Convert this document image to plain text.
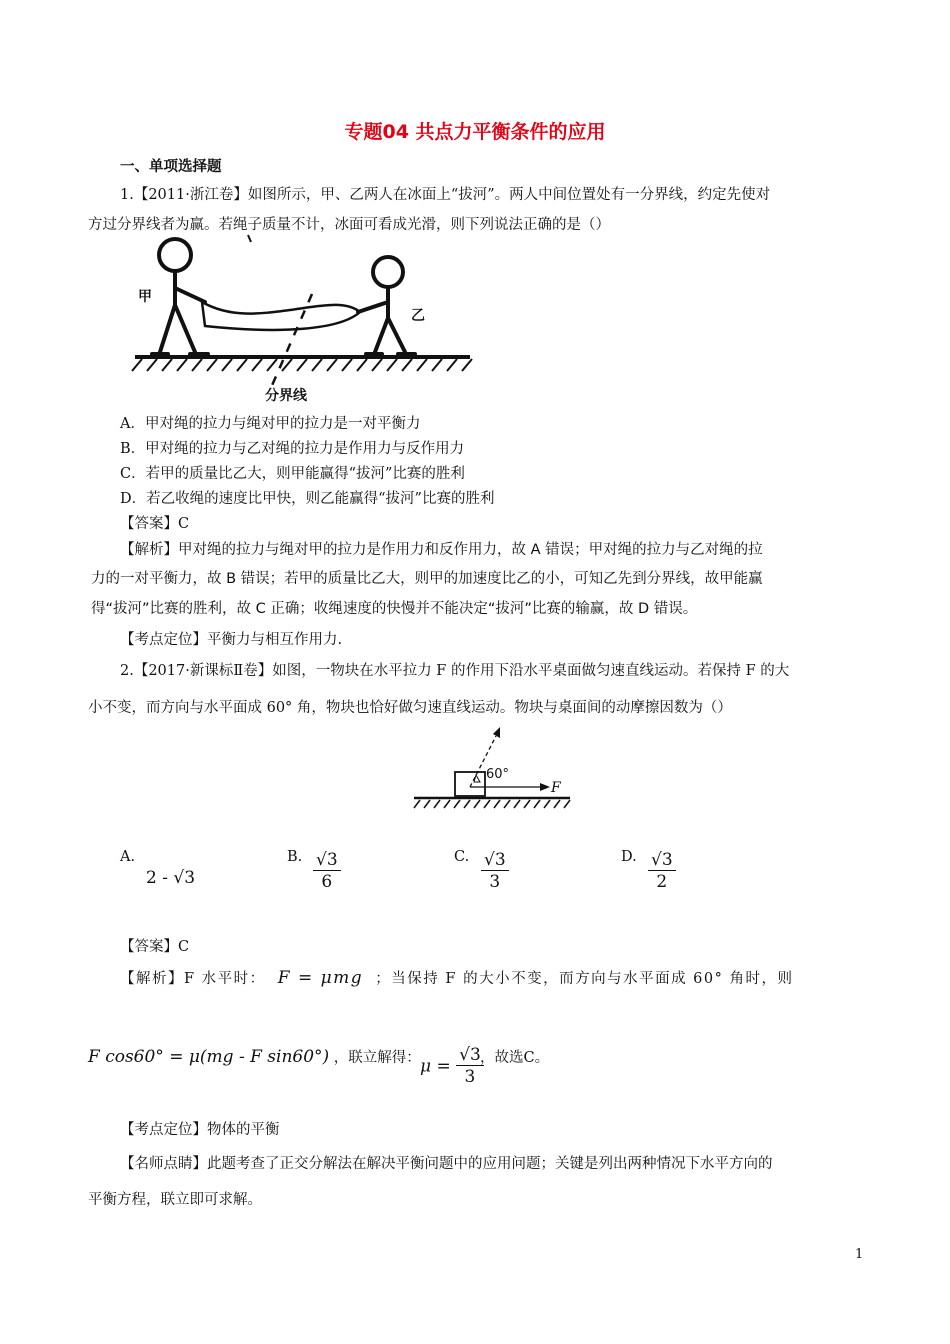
专题04 共点力平衡条件的应用
一、单项选择题
1.【2011·浙江卷】如图所示，甲、乙两人在冰面上“拔河”。两人中间位置处有一分界线，约定先使对
方过分界线者为赢。若绳子质量不计，冰面可看成光滑，则下列说法正确的是（）
甲
乙
分界线
A．甲对绳的拉力与绳对甲的拉力是一对平衡力
B．甲对绳的拉力与乙对绳的拉力是作用力与反作用力
C．若甲的质量比乙大，则甲能赢得“拔河”比赛的胜利
D．若乙收绳的速度比甲快，则乙能赢得“拔河”比赛的胜利
【答案】C
【解析】甲对绳的拉力与绳对甲的拉力是作用力和反作用力，故 A 错误；甲对绳的拉力与乙对绳的拉
力的一对平衡力，故 B 错误；若甲的质量比乙大，则甲的加速度比乙的小，可知乙先到分界线，故甲能赢
得“拔河”比赛的胜利，故 C 正确；收绳速度的快慢并不能决定“拔河”比赛的输赢，故 D 错误。
【考点定位】平衡力与相互作用力.
2.【2017·新课标Ⅱ卷】如图，一物块在水平拉力 F 的作用下沿水平桌面做匀速直线运动。若保持 F 的大
小不变，而方向与水平面成 60° 角，物块也恰好做匀速直线运动。物块与桌面间的动摩擦因数为（）
60°
F
A.
2 - √3
B. $\frac{√3}{6}$	C. $\frac{√3}{3}$	D. $\frac{√3}{2}$
【答案】C
【解析】F 水平时： F = μmg ；当保持 F 的大小不变，而方向与水平面成 60° 角时，则
F cos60° = μ(mg - F sin60°) ，联立解得： $\mu = \frac{√3}{3}$
，故选C。
【考点定位】物体的平衡
【名师点睛】此题考查了正交分解法在解决平衡问题中的应用问题；关键是列出两种情况下水平方向的
平衡方程，联立即可求解。
1
